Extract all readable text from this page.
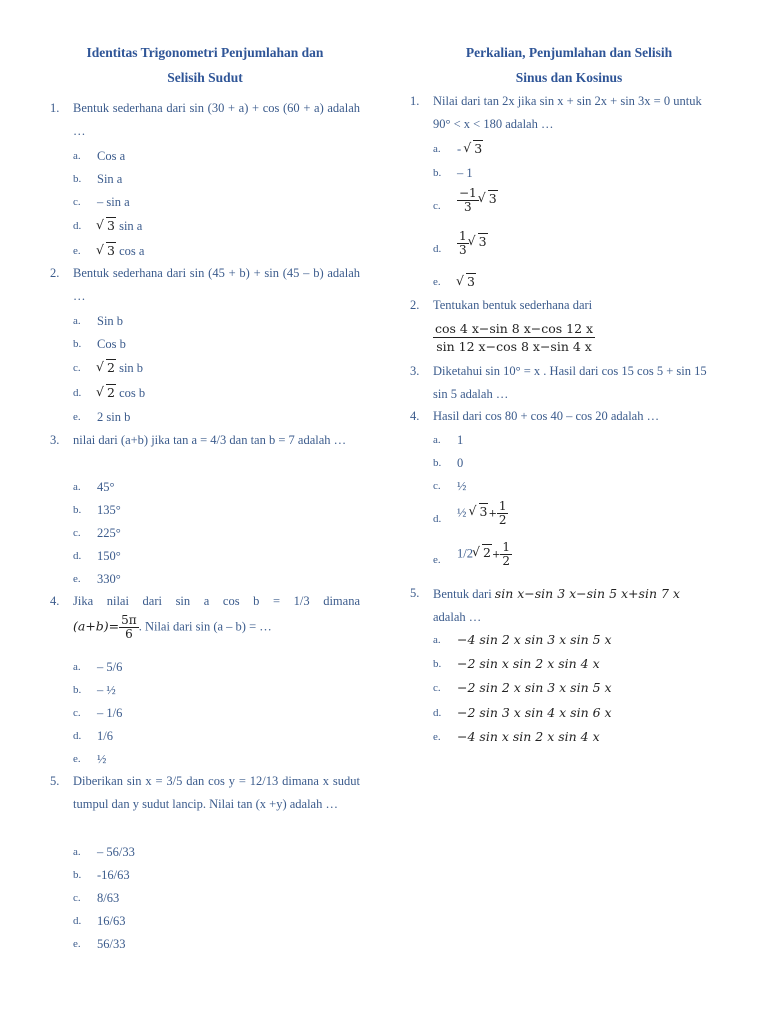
Identitas Trigonometri Penjumlahan dan
Selisih Sudut
1. Bentuk sederhana dari sin (30 + a) + cos (60 + a) adalah …
a.	Cos a
b.	Sin a
c.	– sin a
d.	√ 3 sin a
e.	√ 3 cos a
2. Bentuk sederhana dari sin (45 + b) + sin (45 – b) adalah …
a.	Sin b
b.	Cos b
c.	√ 2 sin b
d.	√ 2 cos b
e.	2 sin b
3. nilai dari (a+b) jika tan a = 4/3 dan tan b = 7 adalah …
a.	45°
b.	135°
c.	225°
d.	150°
e.	330°
4. Jika nilai dari sin a cos b = 1/3 dimana
$(a+b)= \frac{5\pi}{6}$ . Nilai dari sin (a – b) = …
a.	– 5/6
b.	– ½
c.	– 1/6
d.	1/6
e.	½
5. Diberikan sin x = 3/5 dan cos y = 12/13 dimana x sudut tumpul dan y sudut lancip. Nilai tan (x +y) adalah …
a.	– 56/33
b.	-16/63
c.	8/63
d.	16/63
e.	56/33
Perkalian, Penjumlahan dan Selisih
Sinus dan Kosinus
1. Nilai dari tan 2x jika sin x + sin 2x + sin 3x = 0 untuk 90° < x < 180 adalah …
a.	- √ 3
b.	– 1
c.	$\frac{-1}{3}$ √ 3
d.	$\frac{1}{3}$ √ 3
e.	√ 3
2. Tentukan bentuk sederhana dari
$\frac{\cos 4 x-\sin 8 x-\cos 12 x}{\sin 12 x-\cos 8 x-\sin 4 x}$
3. Diketahui sin 10° = x . Hasil dari cos 15 cos 5 + sin 15 sin 5 adalah …
4. Hasil dari cos 80 + cos 40 – cos 20 adalah …
a.	1
b.	0
c.	½
d.	½ √ $3+ \frac{1}{2}$
e.	1/2 √ $2+ \frac{1}{2}$
5. Bentuk dari sin x−sin 3 x−sin 5 x+sin 7 x
adalah …
a.	−4 sin 2 x sin 3 x sin 5 x
b.	−2 sin x sin 2 x sin 4 x
c.	−2 sin 2 x sin 3 x sin 5 x
d.	−2 sin 3 x sin 4 x sin 6 x
e.	−4 sin x sin 2 x sin 4 x
